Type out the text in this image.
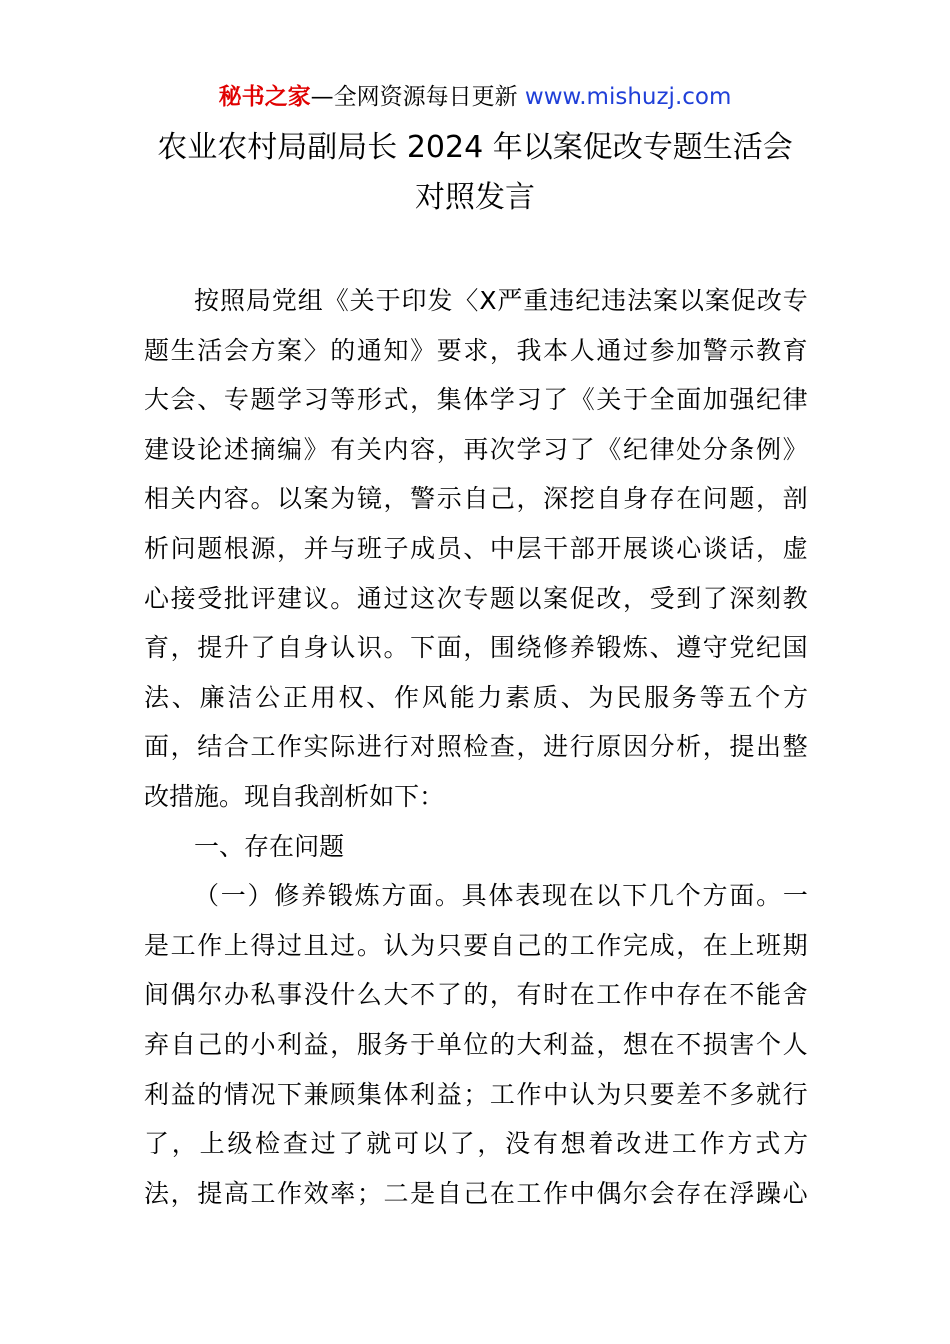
秘书之家—全网资源每日更新 www.mishuzj.com
农业农村局副局长 2024 年以案促改专题生活会
对照发言
按 照 局 党 组 《 关 于 印 发 〈 X 严 重 违 纪 违 法 案 以 案 促 改 专
题 生 活 会 方 案 〉 的 通 知 》 要 求 ， 我 本 人 通 过 参 加 警 示 教 育
大 会 、 专 题 学 习 等 形 式 ， 集 体 学 习 了 《 关 于 全 面 加 强 纪 律
建 设 论 述 摘 编 》 有 关 内 容 ， 再 次 学 习 了 《 纪 律 处 分 条 例 》
相 关 内 容 。 以 案 为 镜 ， 警 示 自 己 ， 深 挖 自 身 存 在 问 题 ， 剖
析 问 题 根 源 ， 并 与 班 子 成 员 、 中 层 干 部 开 展 谈 心 谈 话 ， 虚
心 接 受 批 评 建 议 。 通 过 这 次 专 题 以 案 促 改 ， 受 到 了 深 刻 教
育 ， 提 升 了 自 身 认 识 。 下 面 ， 围 绕 修 养 锻 炼 、 遵 守 党 纪 国
法 、 廉 洁 公 正 用 权 、 作 风 能 力 素 质 、 为 民 服 务 等 五 个 方
面 ， 结 合 工 作 实 际 进 行 对 照 检 查 ， 进 行 原 因 分 析 ， 提 出 整
改 措 施 。 现 自 我 剖 析 如 下 ：
一 、 存 在 问 题
（ 一 ） 修 养 锻 炼 方 面 。 具 体 表 现 在 以 下 几 个 方 面 。 一
是 工 作 上 得 过 且 过 。 认 为 只 要 自 己 的 工 作 完 成 ， 在 上 班 期
间 偶 尔 办 私 事 没 什 么 大 不 了 的 ， 有 时 在 工 作 中 存 在 不 能 舍
弃 自 己 的 小 利 益 ， 服 务 于 单 位 的 大 利 益 ， 想 在 不 损 害 个 人
利 益 的 情 况 下 兼 顾 集 体 利 益 ； 工 作 中 认 为 只 要 差 不 多 就 行
了 ， 上 级 检 查 过 了 就 可 以 了 ， 没 有 想 着 改 进 工 作 方 式 方
法 ， 提 高 工 作 效 率 ； 二 是 自 己 在 工 作 中 偶 尔 会 存 在 浮 躁 心
